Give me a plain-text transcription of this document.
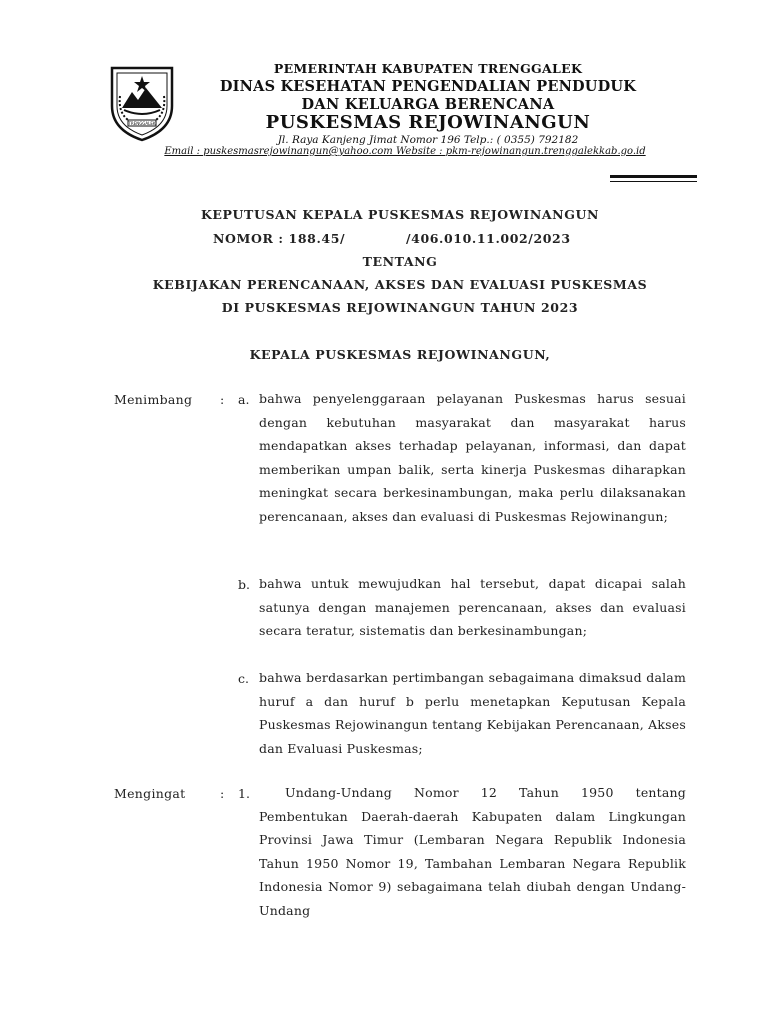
TRENGGALEK
PEMERINTAH KABUPATEN TRENGGALEK
DINAS KESEHATAN PENGENDALIAN PENDUDUK
DAN KELUARGA BERENCANA
PUSKESMAS REJOWINANGUN
Jl. Raya Kanjeng Jimat Nomor 196 Telp.: ( 0355) 792182
Email : puskesmasrejowinangun@yahoo.com Website : pkm-rejowinangun.trenggalekkab.go.id
KEPUTUSAN KEPALA PUSKESMAS REJOWINANGUN
NOMOR : 188.45/	/406.010.11.002/2023
TENTANG
KEBIJAKAN PERENCANAAN, AKSES DAN EVALUASI PUSKESMAS
DI PUSKESMAS REJOWINANGUN TAHUN 2023
KEPALA PUSKESMAS REJOWINANGUN,
Menimbang : a. bahwa penyelenggaraan pelayanan Puskesmas harus sesuai dengan kebutuhan masyarakat dan masyarakat harus mendapatkan akses terhadap pelayanan, informasi, dan dapat memberikan umpan balik, serta kinerja Puskesmas diharapkan meningkat secara berkesinambungan, maka perlu dilaksanakan perencanaan, akses dan evaluasi di Puskesmas Rejowinangun;
b. bahwa untuk mewujudkan hal tersebut, dapat dicapai salah satunya dengan manajemen perencanaan, akses dan evaluasi secara teratur, sistematis dan berkesinambungan;
c. bahwa berdasarkan pertimbangan sebagaimana dimaksud dalam huruf a dan huruf b perlu menetapkan Keputusan Kepala Puskesmas Rejowinangun tentang Kebijakan Perencanaan, Akses dan Evaluasi Puskesmas;
Mengingat	: 1.	Undang-Undang Nomor 12 Tahun 1950 tentang Pembentukan Daerah-daerah Kabupaten dalam Lingkungan Provinsi Jawa Timur (Lembaran Negara Republik Indonesia Tahun 1950 Nomor 19, Tambahan Lembaran Negara Republik Indonesia Nomor 9) sebagaimana telah diubah dengan Undang-Undang
